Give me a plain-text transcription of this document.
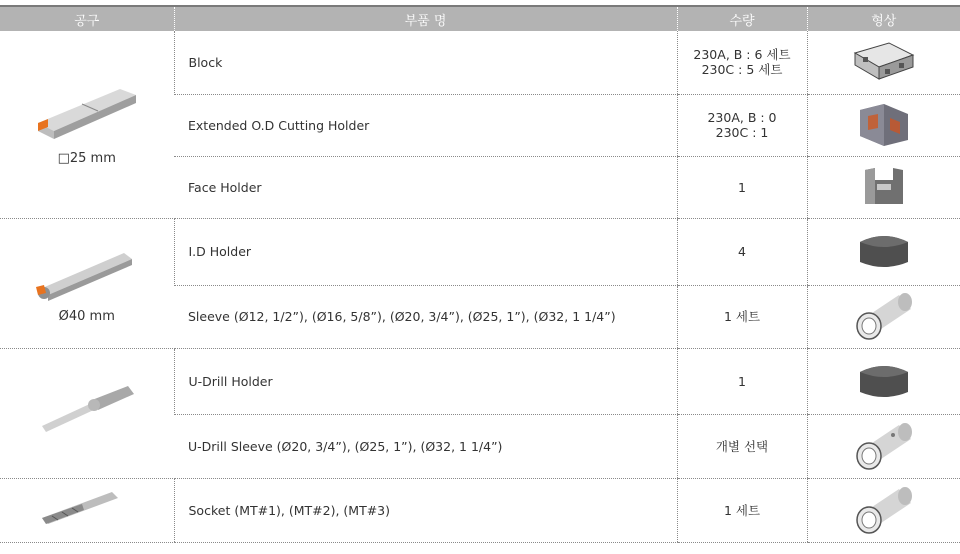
공구	부품 명	수량	형상

□25 mm	Block	230A, B : 6 세트
230C : 5 세트

	Extended O.D Cutting Holder	230A, B : 0
230C : 1

	Face Holder	1

Ø40 mm	I.D Holder	4

	Sleeve (Ø12, 1/2”), (Ø16, 5/8”), (Ø20, 3/4”), (Ø25, 1”), (Ø32, 1 1/4”)	1 세트

	U-Drill Holder	1

	U-Drill Sleeve (Ø20, 3/4”), (Ø25, 1”), (Ø32, 1 1/4”)	개별 선택

	Socket (MT#1), (MT#2), (MT#3)	1 세트
